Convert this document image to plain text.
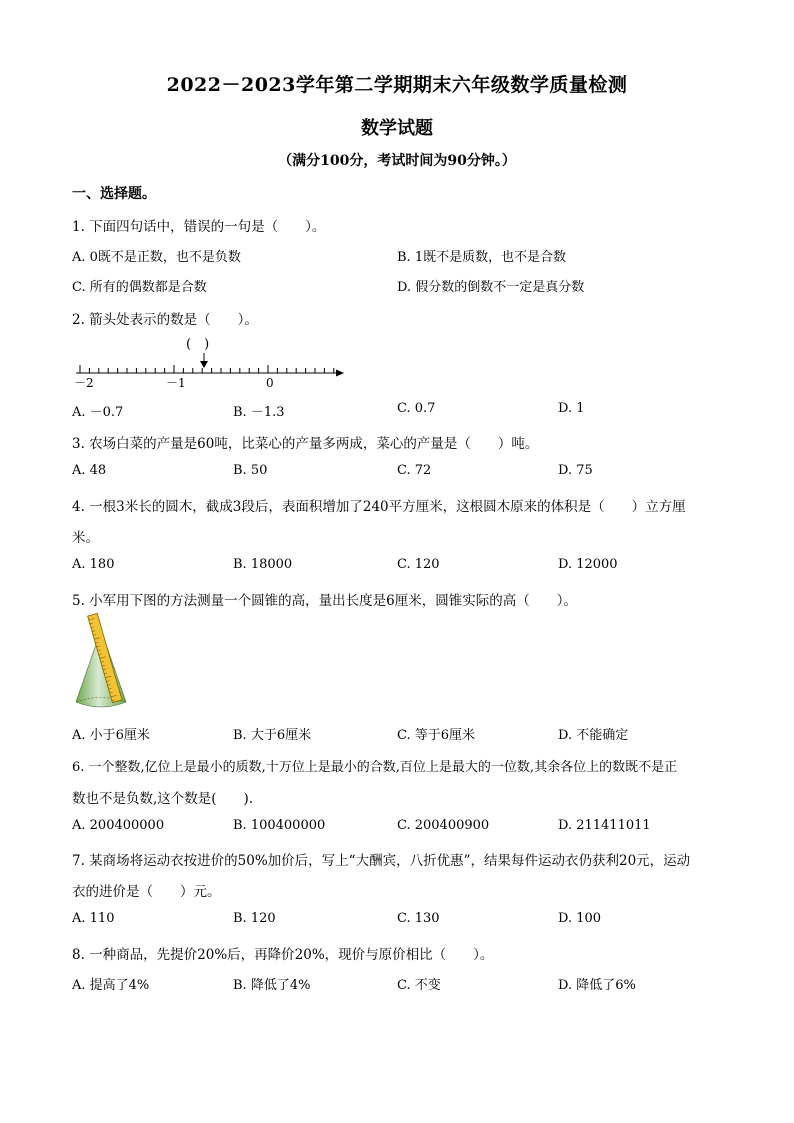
2022－2023学年第二学期期末六年级数学质量检测
数学试题
（满分100分，考试时间为90分钟。）
一、选择题。
1. 下面四句话中，错误的一句是（　　）。
A. 0既不是正数，也不是负数	B. 1既不是质数，也不是合数
C. 所有的偶数都是合数	D. 假分数的倒数不一定是真分数
2. 箭头处表示的数是（　　）。
(　)
－2	－1	0
A. －0.7	B. －1.3	C. 0.7	D. 1
3. 农场白菜的产量是60吨，比菜心的产量多两成，菜心的产量是（　　）吨。
A. 48	B. 50	C. 72	D. 75
4. 一根3米长的圆木，截成3段后，表面积增加了240平方厘米，这根圆木原来的体积是（　　）立方厘
米。
A. 180	B. 18000	C. 120	D. 12000
5. 小军用下图的方法测量一个圆锥的高，量出长度是6厘米，圆锥实际的高（　　）。
A. 小于6厘米	B. 大于6厘米	C. 等于6厘米	D. 不能确定
6. 一个整数,亿位上是最小的质数,十万位上是最小的合数,百位上是最大的一位数,其余各位上的数既不是正
数也不是负数,这个数是(　　).
A. 200400000	B. 100400000	C. 200400900	D. 211411011
7. 某商场将运动衣按进价的50%加价后，写上“大酬宾，八折优惠”，结果每件运动衣仍获利20元，运动
衣的进价是（　　）元。
A. 110	B. 120	C. 130	D. 100
8. 一种商品，先提价20%后，再降价20%，现价与原价相比（　　）。
A. 提高了4%	B. 降低了4%	C. 不变	D. 降低了6%
